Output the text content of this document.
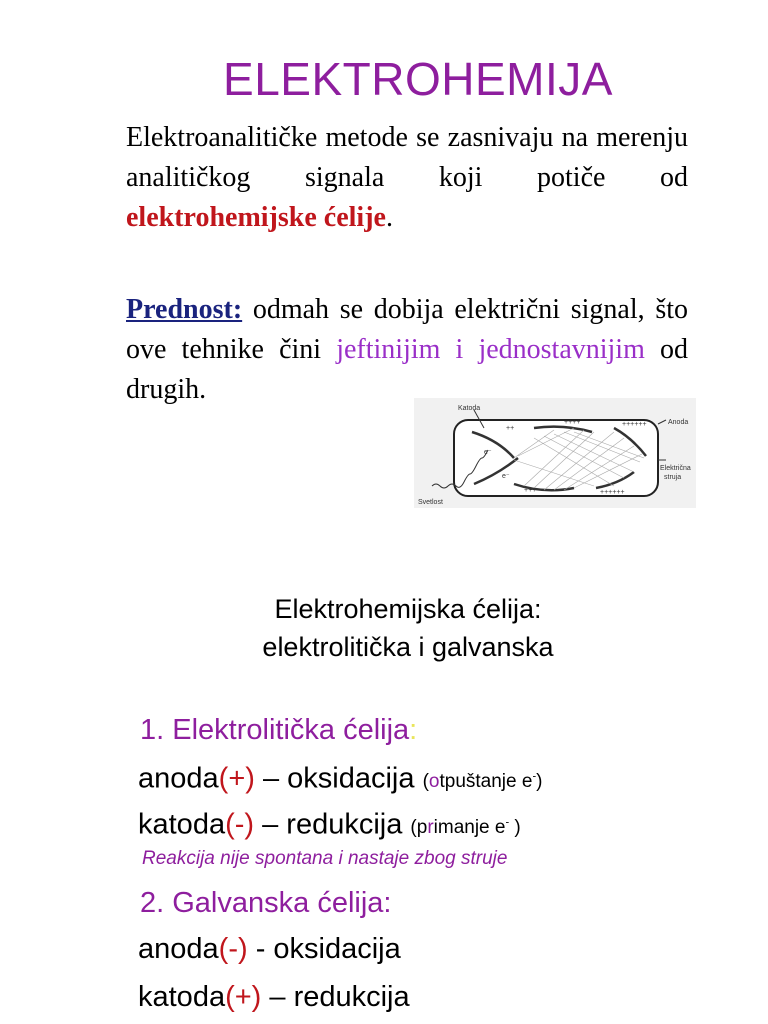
ELEKTROHEMIJA
Elektroanalitičke metode se zasnivaju na merenju analitičkog signala koji potiče od elektrohemijske ćelije.
Prednost: odmah se dobija električni signal, što ove tehnike čini jeftinijim i jednostavnijim od drugih.
Katoda
Anoda
Električna
struja
Svetlost
++++	++++++
++
+++	++++++
e⁻
e⁻
Elektrohemijska ćelija:
elektrolitička i galvanska
1. Elektrolitička ćelija:
anoda(+) – oksidacija (otpuštanje e-)
katoda(-) – redukcija (primanje e- )
Reakcija nije spontana i nastaje zbog struje
2. Galvanska ćelija:
anoda(-) - oksidacija
katoda(+) – redukcija
